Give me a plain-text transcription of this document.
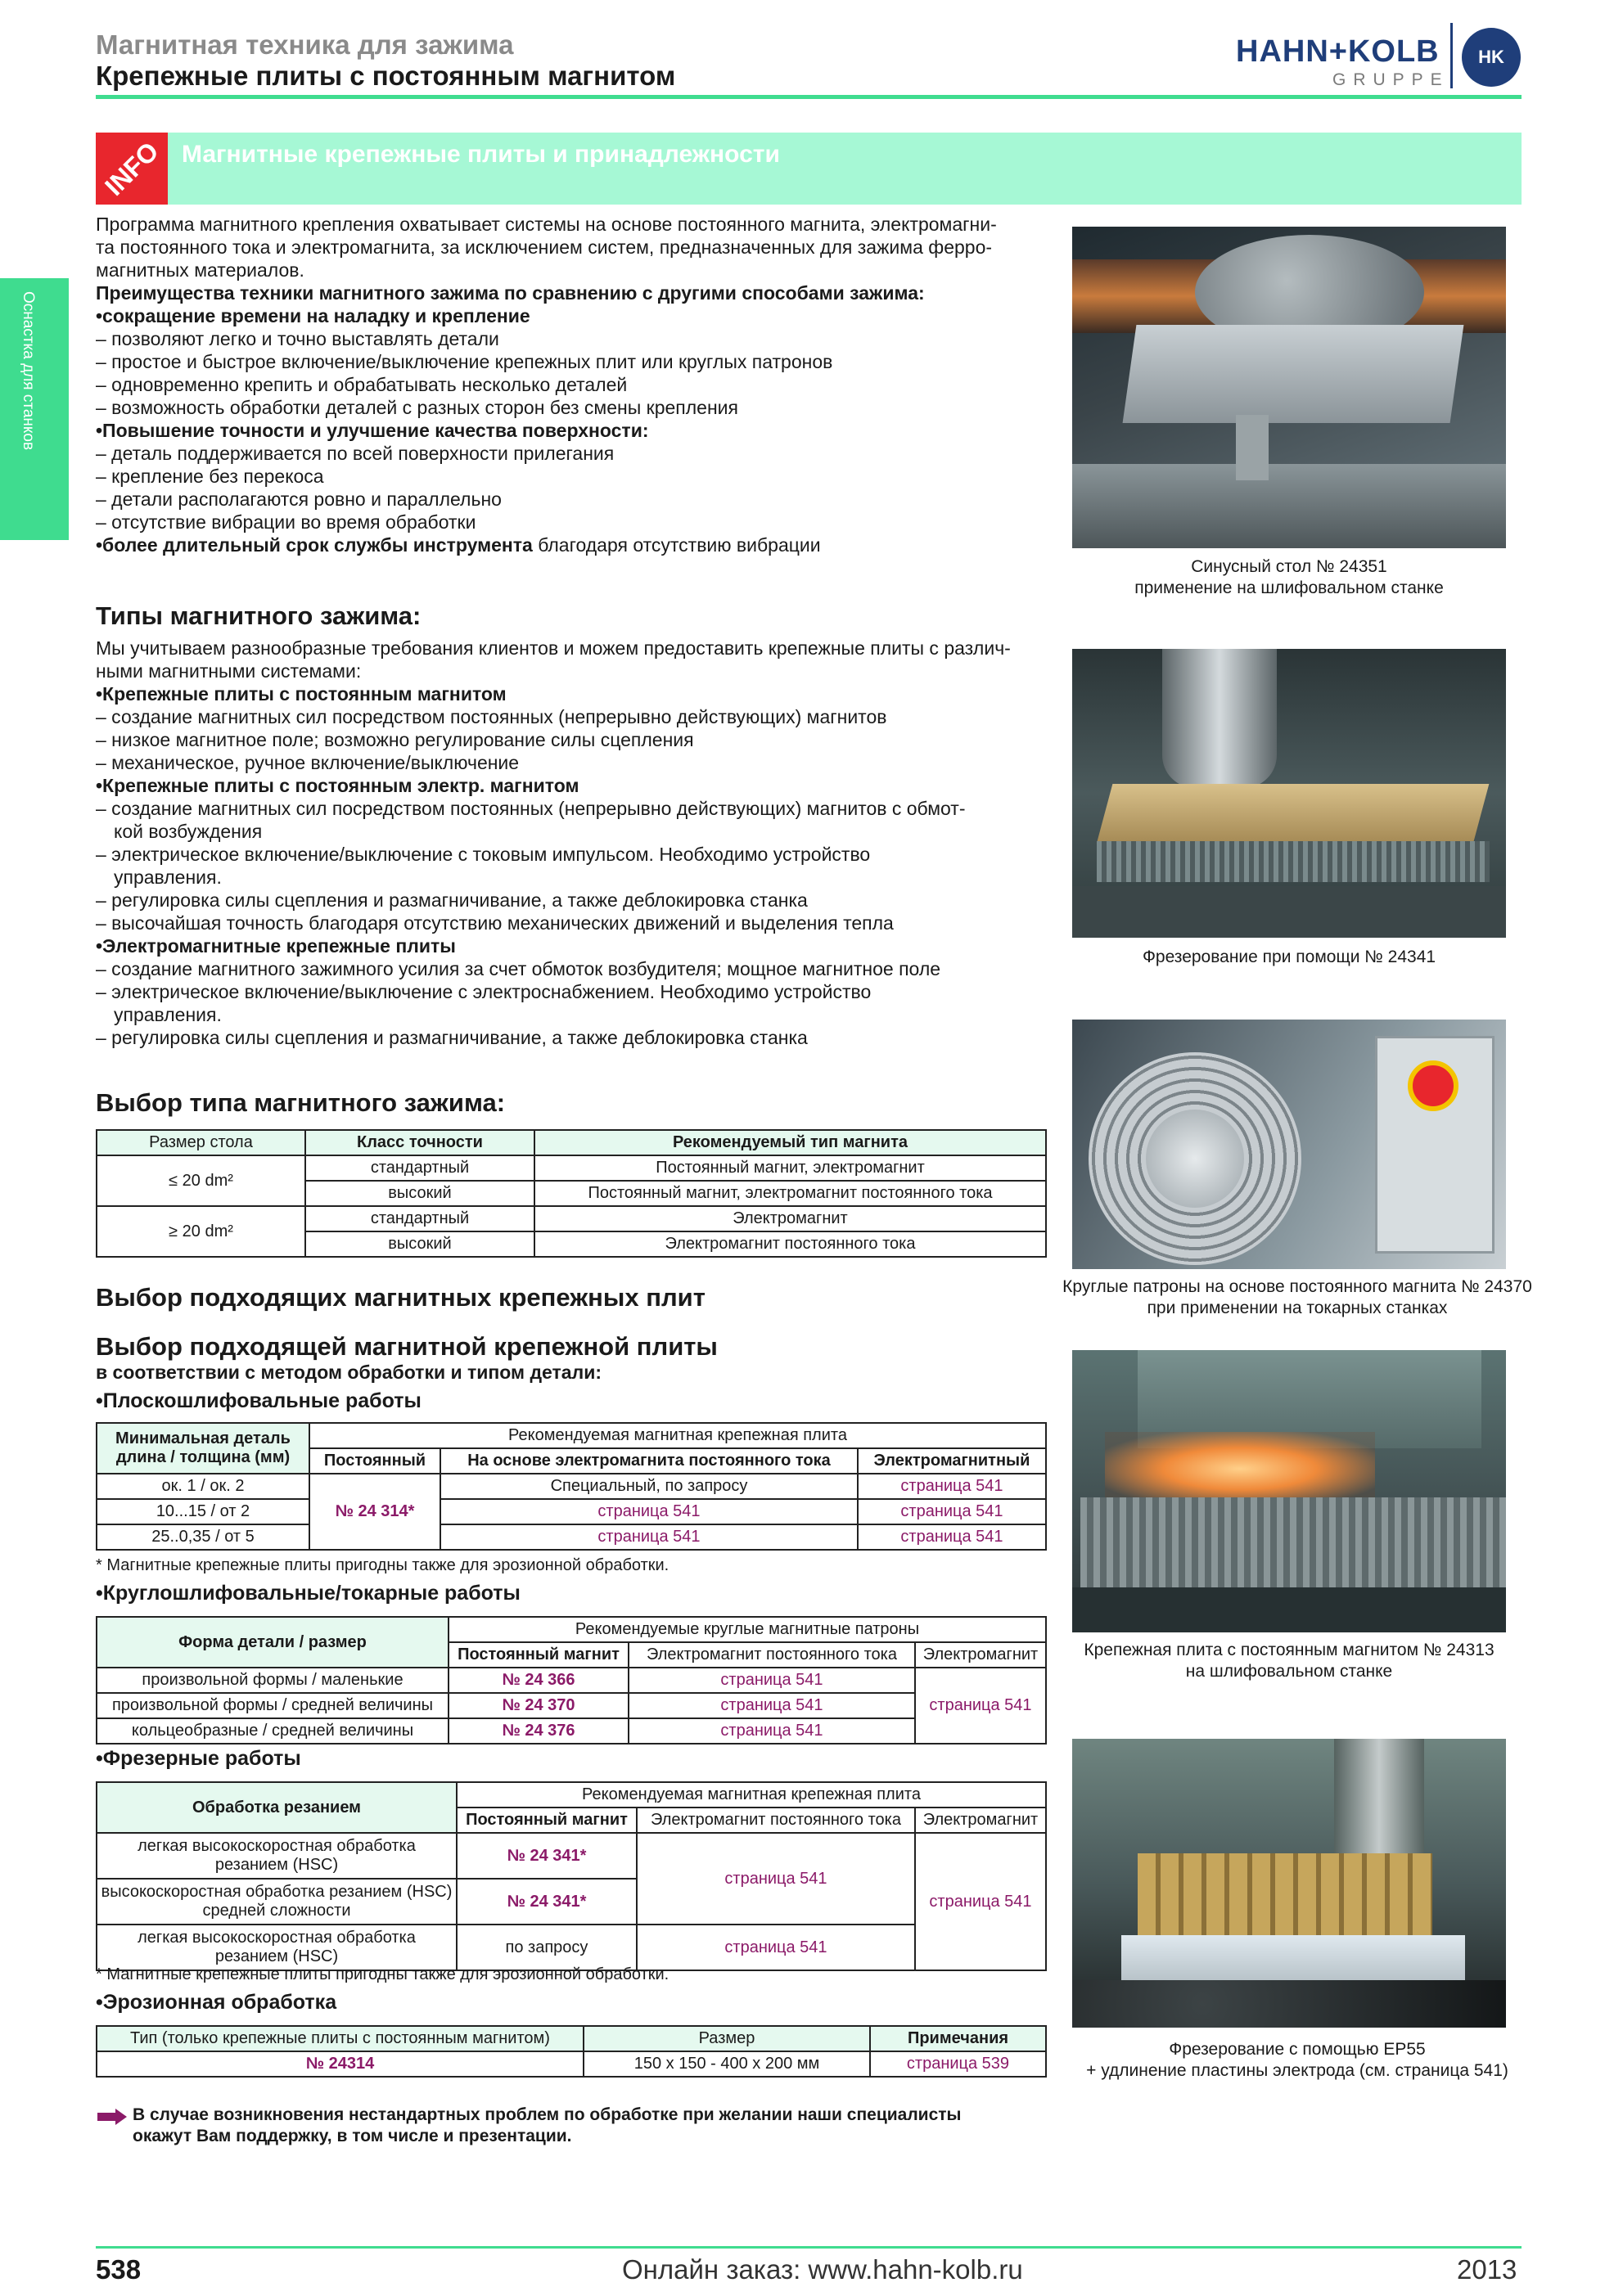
Магнитная техника для зажима
Крепежные плиты с постоянным магнитом
HAHN+KOLB
GRUPPE
HK
Оснастка для станков
INFO Магнитные крепежные плиты и принадлежности
Программа магнитного крепления охватывает системы на основе постоянного магнита, электромагни-
та постоянного тока и электромагнита, за исключением систем, предназначенных для зажима ферро-
магнитных материалов.
Преимущества техники магнитного зажима по сравнению с другими способами зажима:
•сокращение времени на наладку и крепление
– позволяют легко и точно выставлять детали
– простое и быстрое включение/выключение крепежных плит или круглых патронов
– одновременно крепить и обрабатывать несколько деталей
– возможность обработки деталей с разных сторон без смены крепления
•Повышение точности и улучшение качества поверхности:
– деталь поддерживается по всей поверхности прилегания
– крепление без перекоса
– детали располагаются ровно и параллельно
– отсутствие вибрации во время обработки
•более длительный срок службы инструмента благодаря отсутствию вибрации
Типы магнитного зажима:
Мы учитываем разнообразные требования клиентов и можем предоставить крепежные плиты с различ-
ными магнитными системами:
•Крепежные плиты с постоянным магнитом
– создание магнитных сил посредством постоянных (непрерывно действующих) магнитов
– низкое магнитное поле; возможно регулирование силы сцепления
– механическое, ручное включение/выключение
•Крепежные плиты с постоянным электр. магнитом
– создание магнитных сил посредством постоянных (непрерывно действующих) магнитов с обмот-
кой возбуждения
– электрическое включение/выключение с токовым импульсом. Необходимо устройство
управления.
– регулировка силы сцепления и размагничивание, а также деблокировка станка
– высочайшая точность благодаря отсутствию механических движений и выделения тепла
•Электромагнитные крепежные плиты
– создание магнитного зажимного усилия за счет обмоток возбудителя; мощное магнитное поле
– электрическое включение/выключение с электроснабжением. Необходимо устройство
управления.
– регулировка силы сцепления и размагничивание, а также деблокировка станка
Выбор типа магнитного зажима:
Размер стола	Класс точности	Рекомендуемый тип магнита
≤ 20 dm²	стандартный	Постоянный магнит, электромагнит
	высокий	Постоянный магнит, электромагнит постоянного тока
≥ 20 dm²	стандартный	Электромагнит
	высокий	Электромагнит постоянного тока
Выбор подходящих магнитных крепежных плит
Выбор подходящей магнитной крепежной плиты
в соответствии с методом обработки и типом детали:
•Плоскошлифовальные работы
Минимальная деталь длина / толщина (мм)	Рекомендуемая магнитная крепежная плита		
	Постоянный	На основе электромагнита постоянного тока	Электромагнитный
ок. 1 / ок. 2	№ 24 314*	Специальный, по запросу	страница 541
10...15 / от 2		страница 541	страница 541
25..0,35 / от 5		страница 541	страница 541
* Магнитные крепежные плиты пригодны также для эрозионной обработки.
•Круглошлифовальные/токарные работы
Форма детали / размер	Рекомендуемые круглые магнитные патроны		
	Постоянный магнит	Электромагнит постоянного тока	Электромагнит
произвольной формы / маленькие	№ 24 366	страница 541	страница 541
произвольной формы / средней величины	№ 24 370	страница 541	
кольцеобразные / средней величины	№ 24 376	страница 541	
•Фрезерные работы
Обработка резанием	Рекомендуемая магнитная крепежная плита		
	Постоянный магнит	Электромагнит постоянного тока	Электромагнит
легкая высокоскоростная обработка резанием (HSC)	№ 24 341*	страница 541	страница 541
высокоскоростная обработка резанием (HSC) средней сложности	№ 24 341*		
легкая высокоскоростная обработка резанием (HSC)	по запросу	страница 541	
* Магнитные крепежные плиты пригодны также для эрозионной обработки.
•Эрозионная обработка
Тип (только крепежные плиты с постоянным магнитом)	Размер	Примечания
№ 24314	150 x 150 - 400 x 200 мм	страница 539
В случае возникновения нестандартных проблем по обработке при желании наши специалисты
окажут Вам поддержку, в том числе и презентации.
Синусный стол № 24351
применение на шлифовальном станке
Фрезерование при помощи № 24341
Круглые патроны на основе постоянного магнита № 24370
при применении на токарных станках
Крепежная плита с постоянным магнитом № 24313
на шлифовальном станке
Фрезерование с помощью EP55
+ удлинение пластины электрода (см. страница 541)
538	Онлайн заказ: www.hahn-kolb.ru	2013
